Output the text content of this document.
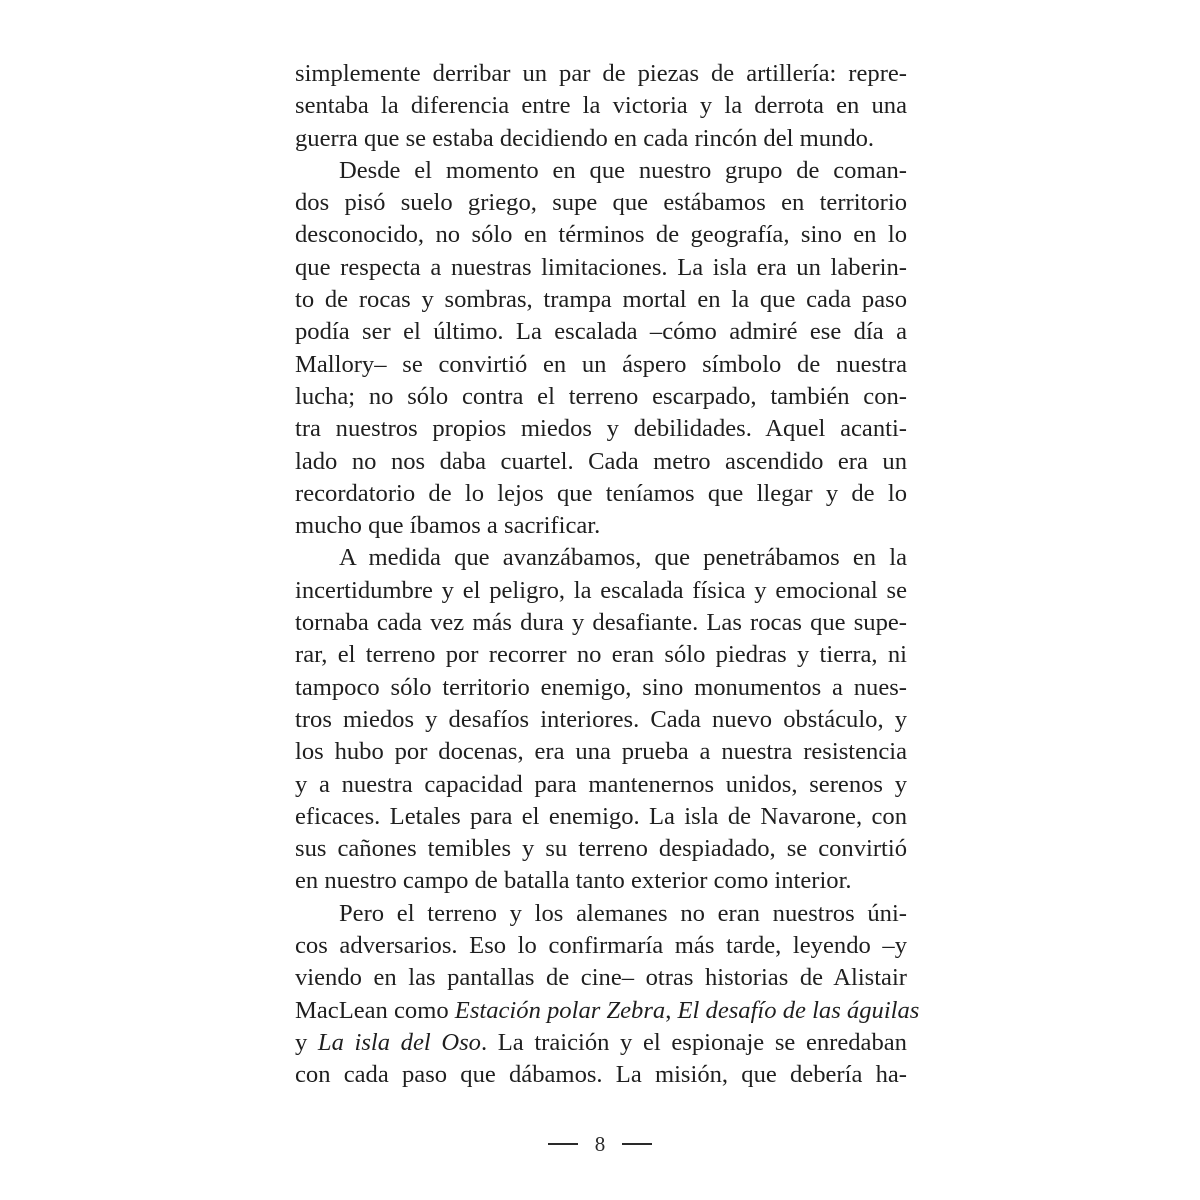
simplemente derribar un par de piezas de artillería: repre-
sentaba la diferencia entre la victoria y la derrota en una
guerra que se estaba decidiendo en cada rincón del mundo.
Desde el momento en que nuestro grupo de coman-
dos pisó suelo griego, supe que estábamos en territorio
desconocido, no sólo en términos de geografía, sino en lo
que respecta a nuestras limitaciones. La isla era un laberin-
to de rocas y sombras, trampa mortal en la que cada paso
podía ser el último. La escalada –cómo admiré ese día a
Mallory– se convirtió en un áspero símbolo de nuestra
lucha; no sólo contra el terreno escarpado, también con-
tra nuestros propios miedos y debilidades. Aquel acanti-
lado no nos daba cuartel. Cada metro ascendido era un
recordatorio de lo lejos que teníamos que llegar y de lo
mucho que íbamos a sacrificar.
A medida que avanzábamos, que penetrábamos en la
incertidumbre y el peligro, la escalada física y emocional se
tornaba cada vez más dura y desafiante. Las rocas que supe-
rar, el terreno por recorrer no eran sólo piedras y tierra, ni
tampoco sólo territorio enemigo, sino monumentos a nues-
tros miedos y desafíos interiores. Cada nuevo obstáculo, y
los hubo por docenas, era una prueba a nuestra resistencia
y a nuestra capacidad para mantenernos unidos, serenos y
eficaces. Letales para el enemigo. La isla de Navarone, con
sus cañones temibles y su terreno despiadado, se convirtió
en nuestro campo de batalla tanto exterior como interior.
Pero el terreno y los alemanes no eran nuestros úni-
cos adversarios. Eso lo confirmaría más tarde, leyendo –y
viendo en las pantallas de cine– otras historias de Alistair
MacLean como Estación polar Zebra, El desafío de las águilas
y La isla del Oso. La traición y el espionaje se enredaban
con cada paso que dábamos. La misión, que debería ha-
8
